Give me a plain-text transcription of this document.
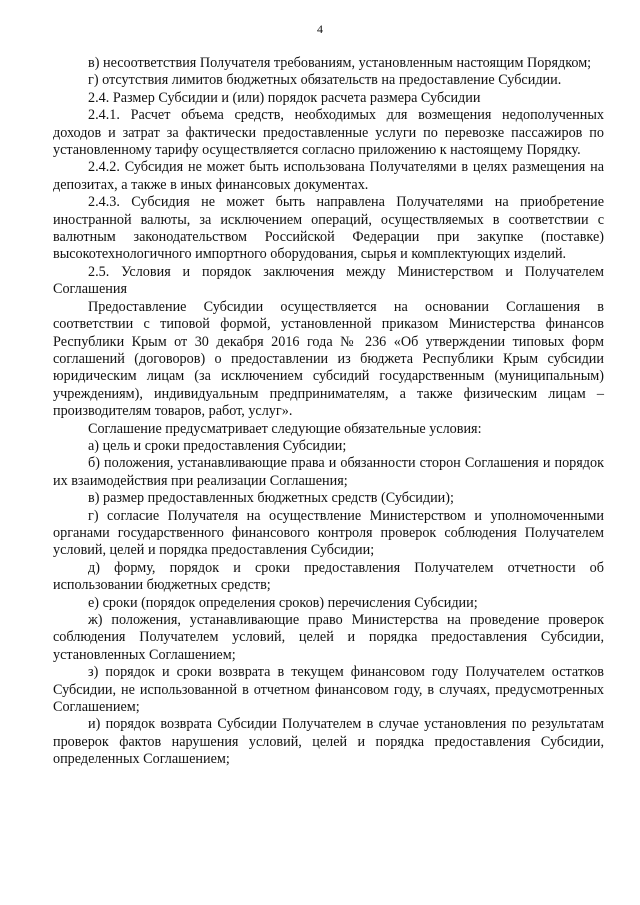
4

в) несоответствия Получателя требованиям, установленным настоящим Порядком;

г) отсутствия лимитов бюджетных обязательств на предоставление Субсидии.

2.4. Размер Субсидии и (или) порядок расчета размера Субсидии

2.4.1. Расчет объема средств, необходимых для возмещения недополученных доходов и затрат за фактически предоставленные услуги по перевозке пассажиров по установленному тарифу осуществляется согласно приложению к настоящему Порядку.

2.4.2. Субсидия не может быть использована Получателями в целях размещения на депозитах, а также в иных финансовых документах.

2.4.3. Субсидия не может быть направлена Получателями на приобретение иностранной валюты, за исключением операций, осуществляемых в соответствии с валютным законодательством Российской Федерации при закупке (поставке) высокотехнологичного импортного оборудования, сырья и комплектующих изделий.

2.5. Условия и порядок заключения между Министерством и Получателем Соглашения

Предоставление Субсидии осуществляется на основании Соглашения в соответствии с типовой формой, установленной приказом Министерства финансов Республики Крым от 30 декабря 2016 года № 236 «Об утверждении типовых форм соглашений (договоров) о предоставлении из бюджета Республики Крым субсидии юридическим лицам (за исключением субсидий государственным (муниципальным) учреждениям), индивидуальным предпринимателям, а также физическим лицам – производителям товаров, работ, услуг».

Соглашение предусматривает следующие обязательные условия:

а) цель и сроки предоставления Субсидии;

б) положения, устанавливающие права и обязанности сторон Соглашения и порядок их взаимодействия при реализации Соглашения;

в) размер предоставленных бюджетных средств (Субсидии);

г) согласие Получателя на осуществление Министерством и уполномоченными органами государственного финансового контроля проверок соблюдения Получателем условий, целей и порядка предоставления Субсидии;

д) форму, порядок и сроки предоставления Получателем отчетности об использовании бюджетных средств;

е) сроки (порядок определения сроков) перечисления Субсидии;

ж) положения, устанавливающие право Министерства на проведение проверок соблюдения Получателем условий, целей и порядка предоставления Субсидии, установленных Соглашением;

з) порядок и сроки возврата в текущем финансовом году Получателем остатков Субсидии, не использованной в отчетном финансовом году, в случаях, предусмотренных Соглашением;

и) порядок возврата Субсидии Получателем в случае установления по результатам проверок фактов нарушения условий, целей и порядка предоставления Субсидии, определенных Соглашением;
